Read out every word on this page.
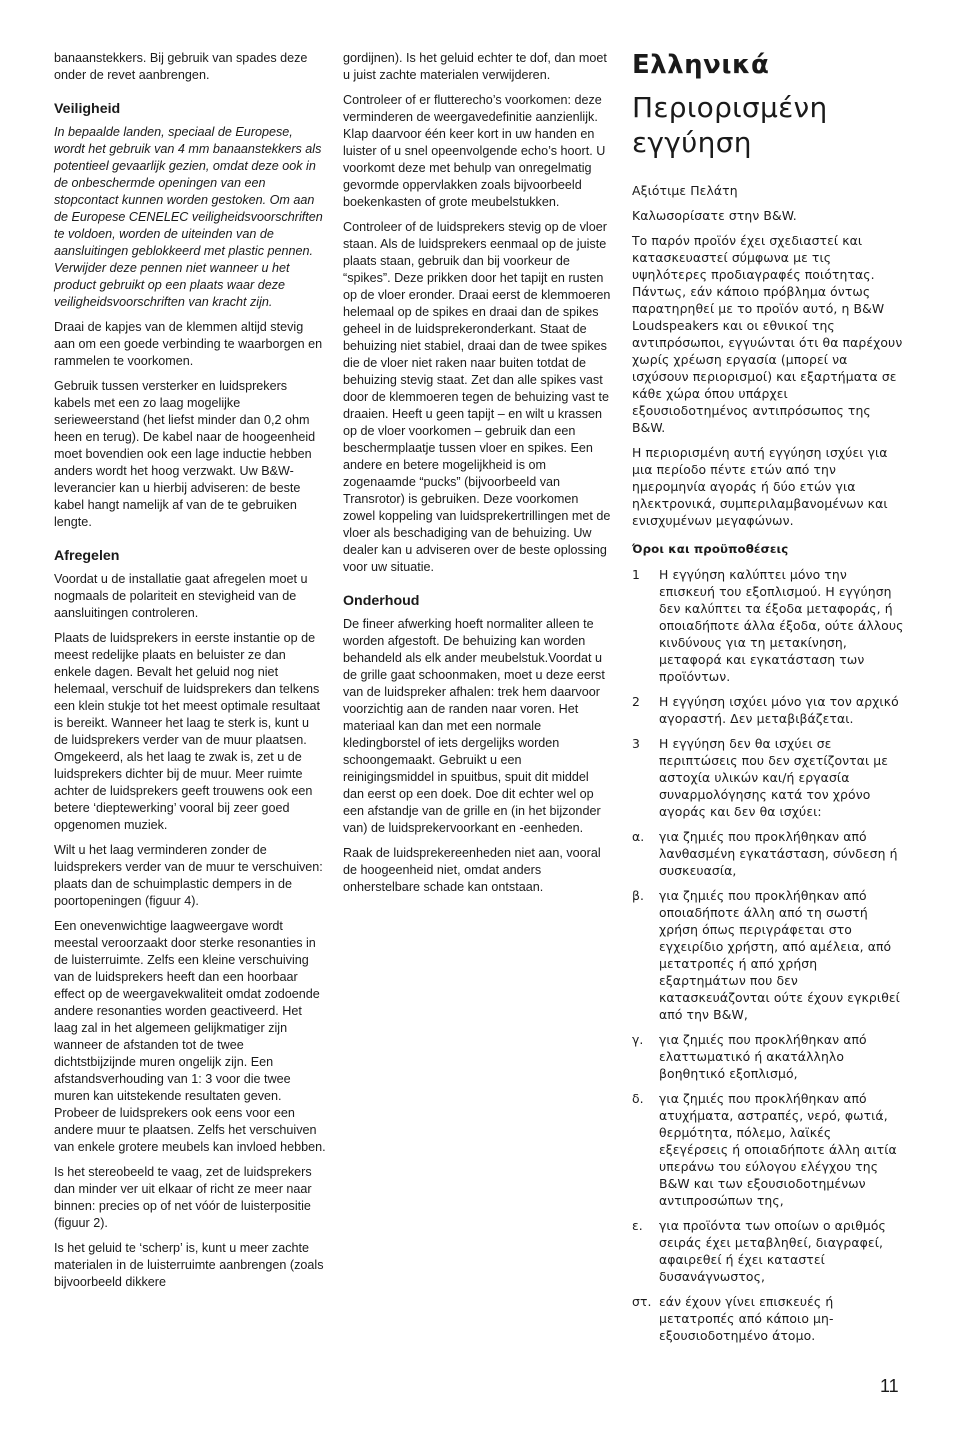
banaanstekkers. Bij gebruik van spades deze onder de revet aanbrengen.

Veiligheid

In bepaalde landen, speciaal de Europese, wordt het gebruik van 4 mm banaanstekkers als potentieel gevaarlijk gezien, omdat deze ook in de onbeschermde openingen van een stopcontact kunnen worden gestoken. Om aan de Europese CENELEC veiligheidsvoorschriften te voldoen, worden de uiteinden van de aansluitingen geblokkeerd met plastic pennen. Verwijder deze pennen niet wanneer u het product gebruikt op een plaats waar deze veiligheidsvoorschriften van kracht zijn.

Draai de kapjes van de klemmen altijd stevig aan om een goede verbinding te waarborgen en rammelen te voorkomen.

Gebruik tussen versterker en luidsprekers kabels met een zo laag mogelijke serieweerstand (het liefst minder dan 0,2 ohm heen en terug). De kabel naar de hoogeenheid moet bovendien ook een lage inductie hebben anders wordt het hoog verzwakt. Uw B&W-leverancier kan u hierbij adviseren: de beste kabel hangt namelijk af van de te gebruiken lengte.

Afregelen

Voordat u de installatie gaat afregelen moet u nogmaals de polariteit en stevigheid van de aansluitingen controleren.

Plaats de luidsprekers in eerste instantie op de meest redelijke plaats en beluister ze dan enkele dagen. Bevalt het geluid nog niet helemaal, verschuif de luidsprekers dan telkens een klein stukje tot het meest optimale resultaat is bereikt. Wanneer het laag te sterk is, kunt u de luidsprekers verder van de muur plaatsen. Omgekeerd, als het laag te zwak is, zet u de luidsprekers dichter bij de muur. Meer ruimte achter de luidsprekers geeft trouwens ook een betere ‘dieptewerking’ vooral bij zeer goed opgenomen muziek.

Wilt u het laag verminderen zonder de luidsprekers verder van de muur te verschuiven: plaats dan de schuimplastic dempers in de poortopeningen (figuur 4).

Een onevenwichtige laagweergave wordt meestal veroorzaakt door sterke resonanties in de luisterruimte. Zelfs een kleine verschuiving van de luidsprekers heeft dan een hoorbaar effect op de weergavekwaliteit omdat zodoende andere resonanties worden geactiveerd. Het laag zal in het algemeen gelijkmatiger zijn wanneer de afstanden tot de twee dichtstbijzijnde muren ongelijk zijn. Een afstandsverhouding van 1: 3 voor die twee muren kan uitstekende resultaten geven. Probeer de luidsprekers ook eens voor een andere muur te plaatsen. Zelfs het verschuiven van enkele grotere meubels kan invloed hebben.

Is het stereobeeld te vaag, zet de luidsprekers dan minder ver uit elkaar of richt ze meer naar binnen: precies op of net vóór de luisterpositie (figuur 2).

Is het geluid te ‘scherp’ is, kunt u meer zachte materialen in de luisterruimte aanbrengen (zoals bijvoorbeeld dikkere

gordijnen). Is het geluid echter te dof, dan moet u juist zachte materialen verwijderen.

Controleer of er flutterecho’s voorkomen: deze verminderen de weergavedefinitie aanzienlijk. Klap daarvoor één keer kort in uw handen en luister of u snel opeenvolgende echo’s hoort. U voorkomt deze met behulp van onregelmatig gevormde oppervlakken zoals bijvoorbeeld boekenkasten of grote meubelstukken.

Controleer of de luidsprekers stevig op de vloer staan. Als de luidsprekers eenmaal op de juiste plaats staan, gebruik dan bij voorkeur de “spikes”. Deze prikken door het tapijt en rusten op de vloer eronder. Draai eerst de klemmoeren helemaal op de spikes en draai dan de spikes geheel in de luidsprekeronderkant. Staat de behuizing niet stabiel, draai dan de twee spikes die de vloer niet raken naar buiten totdat de behuizing stevig staat. Zet dan alle spikes vast door de klemmoeren tegen de behuizing vast te draaien. Heeft u geen tapijt – en wilt u krassen op de vloer voorkomen – gebruik dan een beschermplaatje tussen vloer en spikes. Een andere en betere mogelijkheid is om zogenaamde “pucks” (bijvoorbeeld van Transrotor) is gebruiken. Deze voorkomen zowel koppeling van luidsprekertrillingen met de vloer als beschadiging van de behuizing. Uw dealer kan u adviseren over de beste oplossing voor uw situatie.

Onderhoud

De fineer afwerking hoeft normaliter alleen te worden afgestoft. De behuizing kan worden behandeld als elk ander meubelstuk.Voordat u de grille gaat schoonmaken, moet u deze eerst van de luidspreker afhalen: trek hem daarvoor voorzichtig aan de randen naar voren. Het materiaal kan dan met een normale kledingborstel of iets dergelijks worden schoongemaakt. Gebruikt u een reinigingsmiddel in spuitbus, spuit dit middel dan eerst op een doek. Doe dit echter wel op een afstandje van de grille en (in het bijzonder van) de luidsprekervoorkant en -eenheden.

Raak de luidsprekereenheden niet aan, vooral de hoogeenheid niet, omdat anders onherstelbare schade kan ontstaan.

Ελληνικά
Περιορισμένη εγγύηση

Αξιότιμε Πελάτη

Καλωσορίσατε στην B&W.

Το παρόν προϊόν έχει σχεδιαστεί και κατασκευαστεί σύμφωνα με τις υψηλότερες προδιαγραφές ποιότητας. Πάντως, εάν κάποιο πρόβλημα όντως παρατηρηθεί με το προϊόν αυτό, η B&W Loudspeakers και οι εθνικοί της αντιπρόσωποι, εγγυώνται ότι θα παρέχουν χωρίς χρέωση εργασία (μπορεί να ισχύσουν περιορισμοί) και εξαρτήματα σε κάθε χώρα όπου υπάρχει εξουσιοδοτημένος αντιπρόσωπος της B&W.

Η περιορισμένη αυτή εγγύηση ισχύει για μια περίοδο πέντε ετών από την ημερομηνία αγοράς ή δύο ετών για ηλεκτρονικά, συμπεριλαμβανομένων και ενισχυμένων μεγαφώνων.

Όροι και προϋποθέσεις
1	Η εγγύηση καλύπτει μόνο την επισκευή του εξοπλισμού. Η εγγύηση δεν καλύπτει τα έξοδα μεταφοράς, ή οποιαδήποτε άλλα έξοδα, ούτε άλλους κινδύνους για τη μετακίνηση, μεταφορά και εγκατάσταση των προϊόντων.
2	Η εγγύηση ισχύει μόνο για τον αρχικό αγοραστή. Δεν μεταβιβάζεται.
3	Η εγγύηση δεν θα ισχύει σε περιπτώσεις που δεν σχετίζονται με αστοχία υλικών και/ή εργασία συναρμολόγησης κατά τον χρόνο αγοράς και δεν θα ισχύει:
α.	για ζημιές που προκλήθηκαν από λανθασμένη εγκατάσταση, σύνδεση ή συσκευασία,
β.	για ζημιές που προκλήθηκαν από οποιαδήποτε άλλη από τη σωστή χρήση όπως περιγράφεται στο εγχειρίδιο χρήστη, από αμέλεια, από μετατροπές ή από χρήση εξαρτημάτων που δεν κατασκευάζονται ούτε έχουν εγκριθεί από την B&W,
γ.	για ζημιές που προκλήθηκαν από ελαττωματικό ή ακατάλληλο βοηθητικό εξοπλισμό,
δ.	για ζημιές που προκλήθηκαν από ατυχήματα, αστραπές, νερό, φωτιά, θερμότητα, πόλεμο, λαϊκές εξεγέρσεις ή οποιαδήποτε άλλη αιτία υπεράνω του εύλογου ελέγχου της B&W και των εξουσιοδοτημένων αντιπροσώπων της,
ε.	για προϊόντα των οποίων ο αριθμός σειράς έχει μεταβληθεί, διαγραφεί, αφαιρεθεί ή έχει καταστεί δυσανάγνωστος,
στ. εάν έχουν γίνει επισκευές ή μετατροπές από κάποιο μη-εξουσιοδοτημένο άτομο.
11
